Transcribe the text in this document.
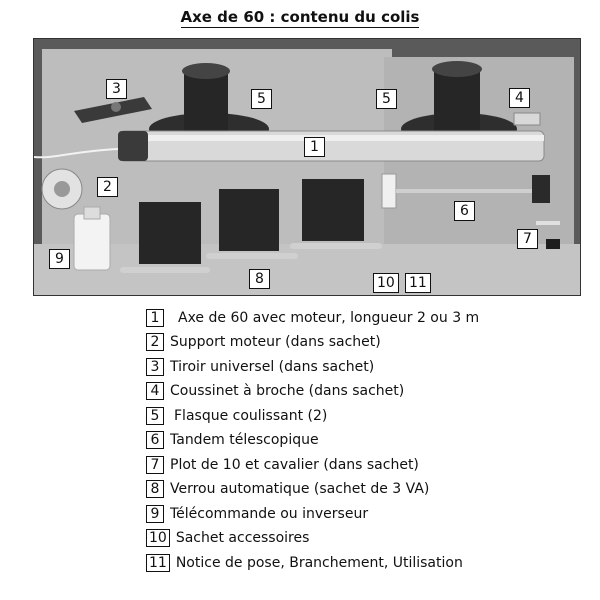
Axe de 60 : contenu du colis
1
2
3
4
5	5
6
7
8
9
10 11
1 Axe de 60 avec moteur, longueur 2 ou 3 m
2 Support moteur (dans sachet)
3 Tiroir universel (dans sachet)
4 Coussinet à broche (dans sachet)
5 Flasque coulissant (2)
6 Tandem télescopique
7 Plot de 10 et cavalier (dans sachet)
8 Verrou automatique (sachet de 3 VA)
9 Télécommande ou inverseur
10 Sachet accessoires
11 Notice de pose, Branchement, Utilisation
